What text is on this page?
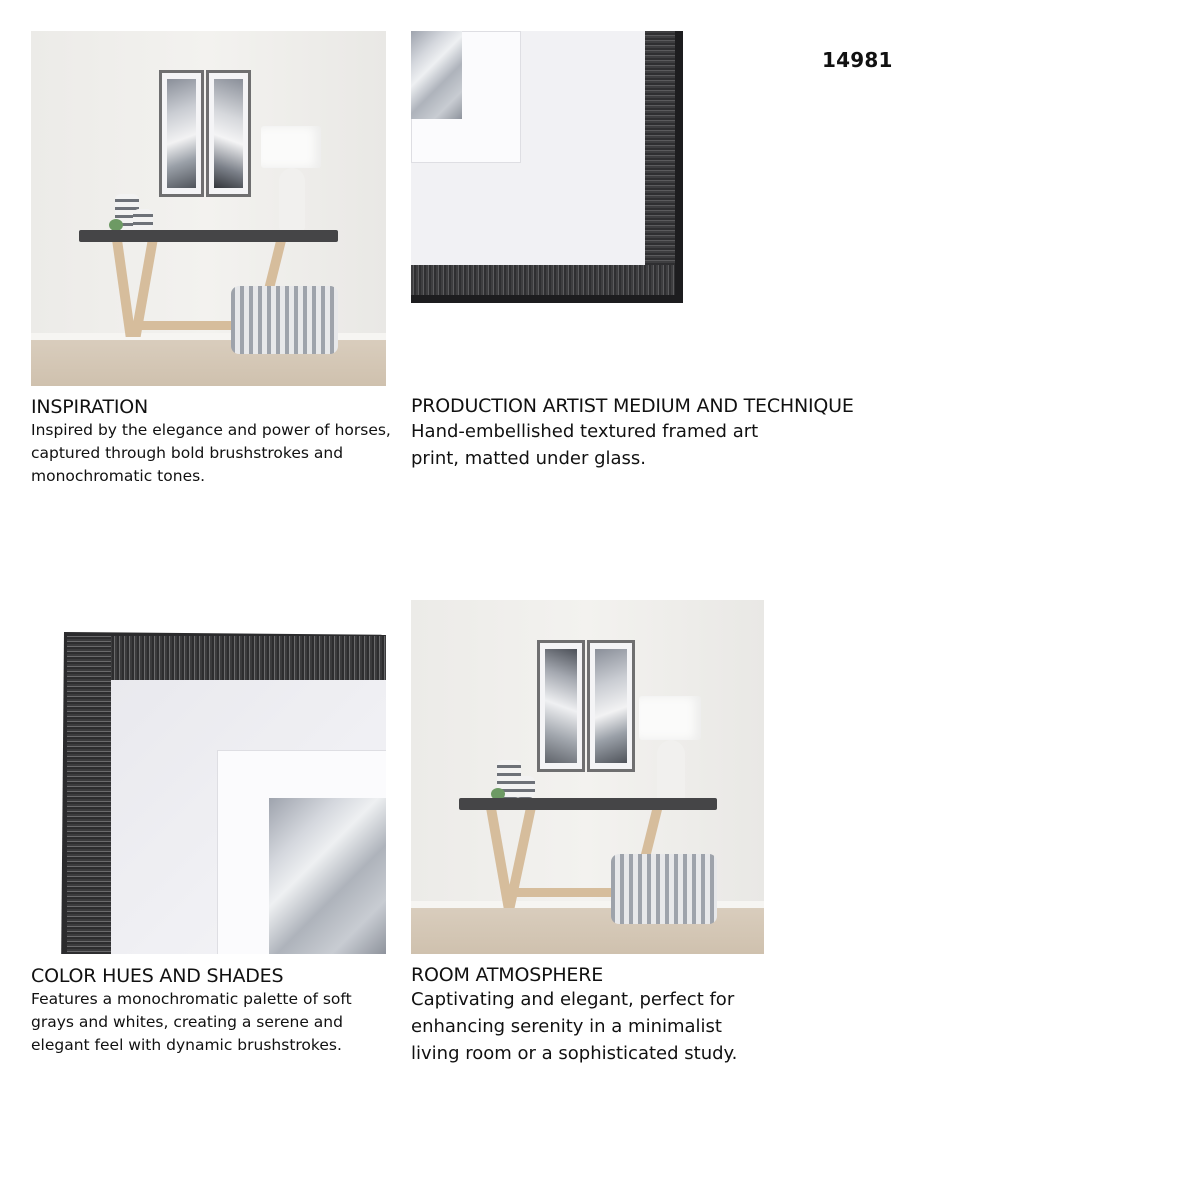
14981
INSPIRATION
Inspired by the elegance and power of horses, captured through bold brushstrokes and monochromatic tones.
PRODUCTION ARTIST MEDIUM AND TECHNIQUE
Hand-embellished textured framed art print, matted under glass.
COLOR HUES AND SHADES
Features a monochromatic palette of soft grays and whites, creating a serene and elegant feel with dynamic brushstrokes.
ROOM ATMOSPHERE
Captivating and elegant, perfect for enhancing serenity in a minimalist living room or a sophisticated study.
